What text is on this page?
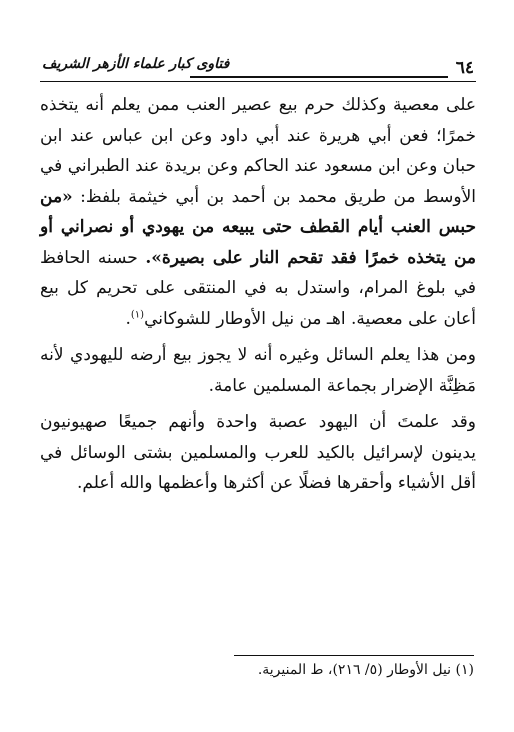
٦٤
فتاوى كبار علماء الأزهر الشريف

على معصية وكذلك حرم بيع عصير العنب ممن يعلم أنه يتخذه خمرًا؛ فعن أبي هريرة عند أبي داود وعن ابن عباس عند ابن حبان وعن ابن مسعود عند الحاكم وعن بريدة عند الطبراني في الأوسط من طريق محمد بن أحمد بن أبي خيثمة بلفظ: «من حبس العنب أيام القطف حتى يبيعه من يهودي أو نصراني أو من يتخذه خمرًا فقد تقحم النار على بصيرة». حسنه الحافظ في بلوغ المرام، واستدل به في المنتقى على تحريم كل بيع أعان على معصية. اهـ من نيل الأوطار للشوكاني$^{(١)}$.

ومن هذا يعلم السائل وغيره أنه لا يجوز بيع أرضه لليهودي لأنه مَظِنَّة الإضرار بجماعة المسلمين عامة.

وقد علمتَ أن اليهود عصبة واحدة وأنهم جميعًا صهيونيون يدينون لإسرائيل بالكيد للعرب والمسلمين بشتى الوسائل في أقل الأشياء وأحقرها فضلًا عن أكثرها وأعظمها والله أعلم.

(١) نيل الأوطار (٥/ ٢١٦)، ط المنيرية.
